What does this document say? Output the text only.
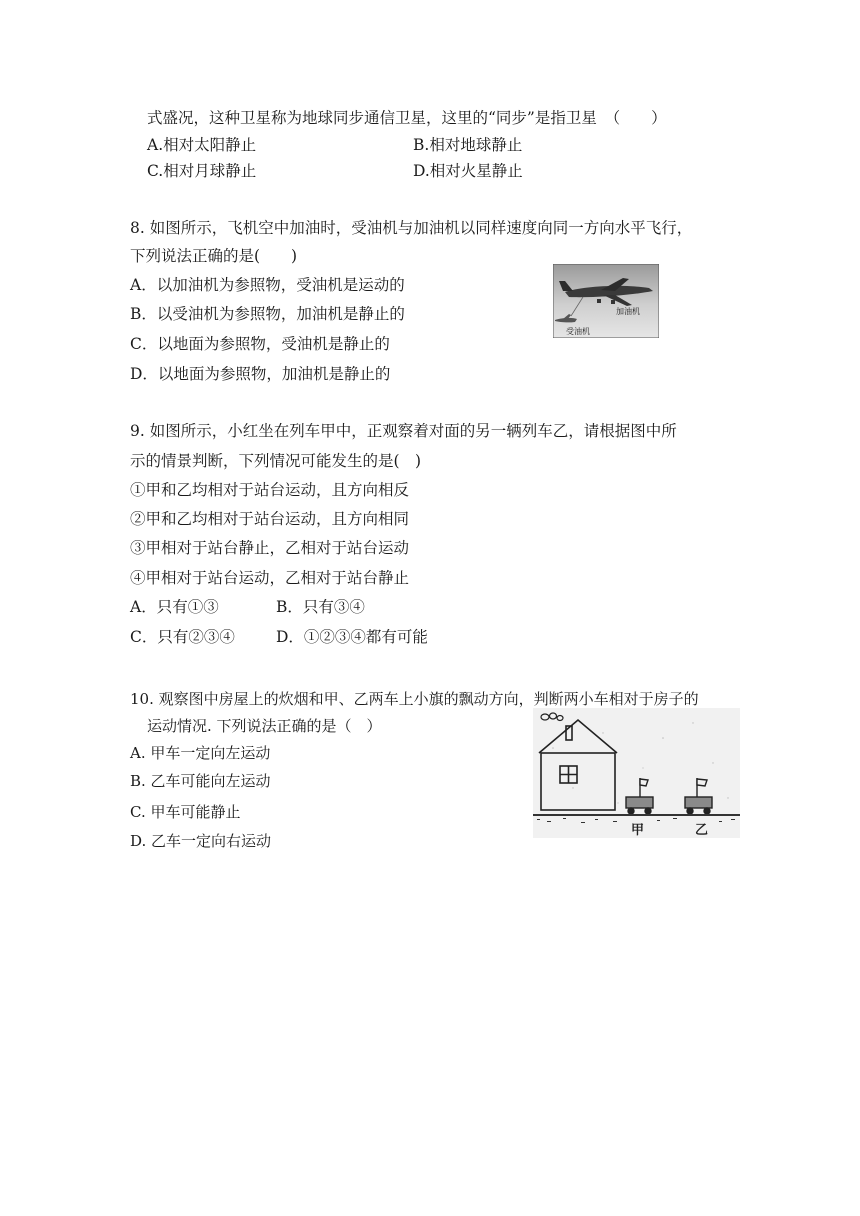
式盛况，这种卫星称为地球同步通信卫星，这里的“同步”是指卫星　（　　）
A.相对太阳静止	B.相对地球静止
C.相对月球静止	D.相对火星静止
8. 如图所示，飞机空中加油时，受油机与加油机以同样速度向同一方向水平飞行，
下列说法正确的是(　　)
A．以加油机为参照物，受油机是运动的
B．以受油机为参照物，加油机是静止的
C．以地面为参照物，受油机是静止的
D．以地面为参照物，加油机是静止的
加油机
受油机
9. 如图所示，小红坐在列车甲中，正观察着对面的另一辆列车乙，请根据图中所
示的情景判断，下列情况可能发生的是(　)
①甲和乙均相对于站台运动，且方向相反
②甲和乙均相对于站台运动，且方向相同
③甲相对于站台静止，乙相对于站台运动
④甲相对于站台运动，乙相对于站台静止
A．只有①③	B．只有③④
C．只有②③④	D．①②③④都有可能
10. 观察图中房屋上的炊烟和甲、乙两车上小旗的飘动方向，判断两小车相对于房子的
运动情况. 下列说法正确的是（　）
A. 甲车一定向左运动
B. 乙车可能向左运动
C. 甲车可能静止
D. 乙车一定向右运动
甲	乙
